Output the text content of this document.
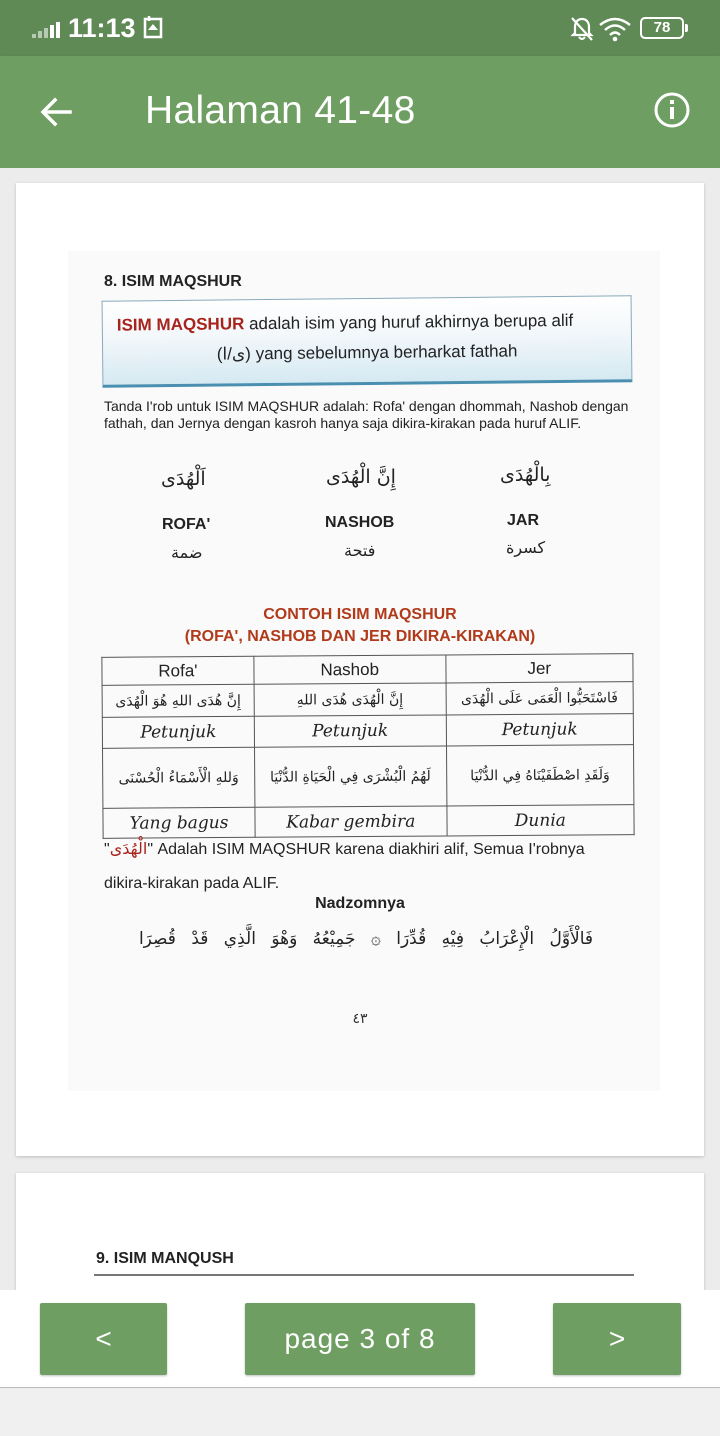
11:13	78
Halaman 41-48
8. ISIM MAQSHUR
ISIM MAQSHUR adalah isim yang huruf akhirnya berupa alif
(ى/ا) yang sebelumnya berharkat fathah
Tanda I'rob untuk ISIM MAQSHUR adalah: Rofa' dengan dhommah, Nashob dengan fathah, dan Jernya dengan kasroh hanya saja dikira-kirakan pada huruf ALIF.
اَلْهُدَى	إِنَّ الْهُدَى	بِالْهُدَى
ROFA'	NASHOB	JAR
ضمة	فتحة	كسرة
CONTOH ISIM MAQSHUR
(ROFA', NASHOB DAN JER DIKIRA-KIRAKAN)
Rofa'	Nashob	Jer
إِنَّ هُدَى اللهِ هُوَ الْهُدَى	إِنَّ الْهُدَى هُدَى اللهِ	فَاسْتَحَبُّوا الْعَمَى عَلَى الْهُدَى
Petunjuk	Petunjuk	Petunjuk
وَللهِ الْأَسْمَاءُ الْحُسْنَى	لَهُمُ الْبُشْرَى فِي الْحَيَاةِ الدُّنْيَا	وَلَقَدِ اصْطَفَيْنَاهُ فِي الدُّنْيَا
Yang bagus	Kabar gembira	Dunia
"الْهُدَى" Adalah ISIM MAQSHUR karena diakhiri alif, Semua I'robnya
dikira-kirakan pada ALIF.
Nadzomnya
فَالْأَوَّلُ الْإِعْرَابُ فِيْهِ قُدِّرَا ۞ جَمِيْعُهُ وَهْوَ الَّذِي قَدْ قُصِرَا
٤٣
9. ISIM MANQUSH
<	page 3 of 8	>
